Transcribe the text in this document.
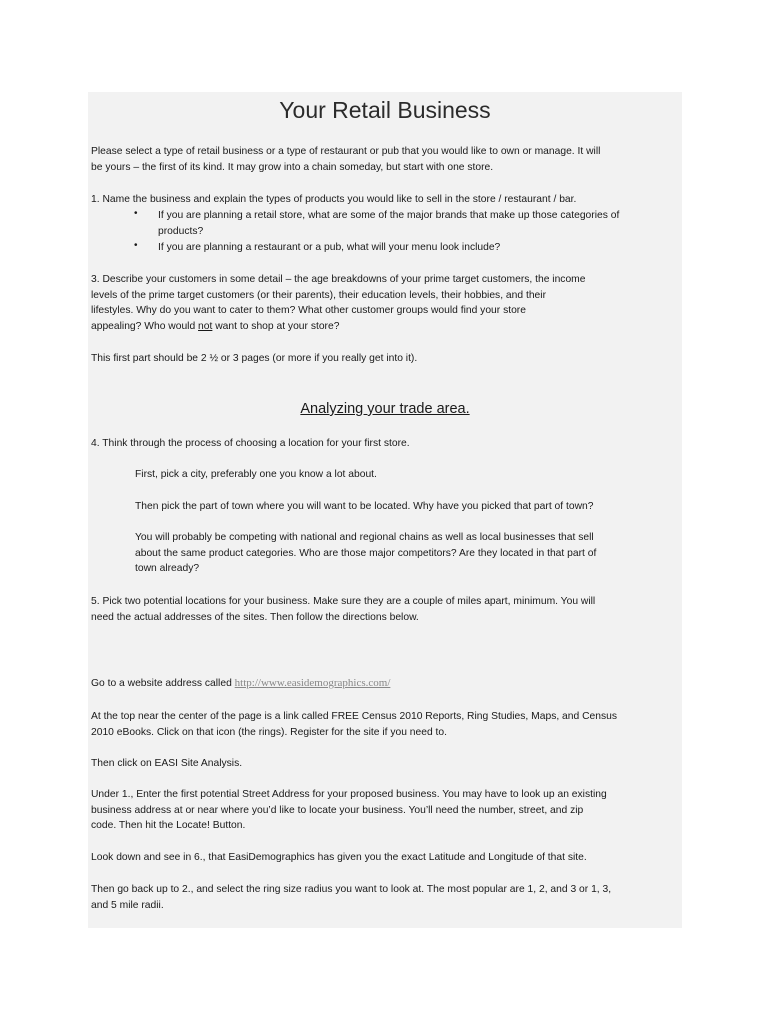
Your Retail Business
Please select a type of retail business or a type of restaurant or pub that you would like to own or manage. It will
be yours – the first of its kind. It may grow into a chain someday, but start with one store.
1. Name the business and explain the types of products you would like to sell in the store / restaurant / bar.
• If you are planning a retail store, what are some of the major brands that make up those categories of
products?
• If you are planning a restaurant or a pub, what will your menu look include?
3. Describe your customers in some detail – the age breakdowns of your prime target customers, the income
levels of the prime target customers (or their parents), their education levels, their hobbies, and their
lifestyles. Why do you want to cater to them? What other customer groups would find your store
appealing? Who would not want to shop at your store?
This first part should be 2 ½ or 3 pages (or more if you really get into it).
Analyzing your trade area.
4. Think through the process of choosing a location for your first store.
First, pick a city, preferably one you know a lot about.
Then pick the part of town where you will want to be located. Why have you picked that part of town?
You will probably be competing with national and regional chains as well as local businesses that sell
about the same product categories. Who are those major competitors? Are they located in that part of
town already?
5. Pick two potential locations for your business. Make sure they are a couple of miles apart, minimum. You will
need the actual addresses of the sites. Then follow the directions below.
Go to a website address called http://www.easidemographics.com/
At the top near the center of the page is a link called FREE Census 2010 Reports, Ring Studies, Maps, and Census
2010 eBooks. Click on that icon (the rings). Register for the site if you need to.
Then click on EASI Site Analysis.
Under 1., Enter the first potential Street Address for your proposed business. You may have to look up an existing
business address at or near where you’d like to locate your business. You’ll need the number, street, and zip
code. Then hit the Locate! Button.
Look down and see in 6., that EasiDemographics has given you the exact Latitude and Longitude of that site.
Then go back up to 2., and select the ring size radius you want to look at. The most popular are 1, 2, and 3 or 1, 3,
and 5 mile radii.
